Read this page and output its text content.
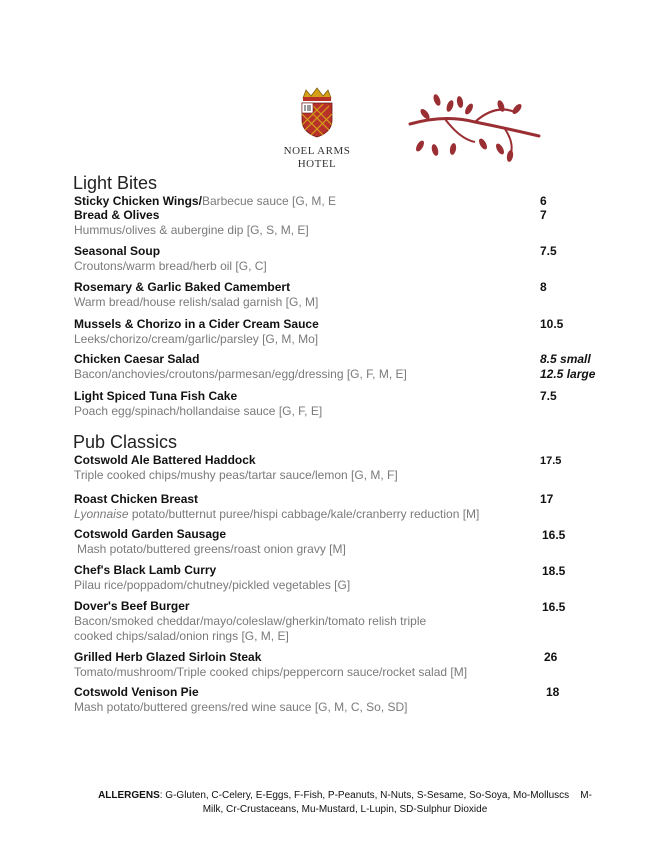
NOEL ARMS
HOTEL
Light Bites
Sticky Chicken Wings/Barbecue sauce [G, M, E	6
Bread & Olives	7
Hummus/olives & aubergine dip [G, S, M, E]
Seasonal Soup	7.5
Croutons/warm bread/herb oil [G, C]
Rosemary & Garlic Baked Camembert	8
Warm bread/house relish/salad garnish [G, M]
Mussels & Chorizo in a Cider Cream Sauce	10.5
Leeks/chorizo/cream/garlic/parsley [G, M, Mo]
Chicken Caesar Salad	8.5 small
Bacon/anchovies/croutons/parmesan/egg/dressing [G, F, M, E]	12.5 large
Light Spiced Tuna Fish Cake	7.5
Poach egg/spinach/hollandaise sauce [G, F, E]
Pub Classics
Cotswold Ale Battered Haddock	17.5
Triple cooked chips/mushy peas/tartar sauce/lemon [G, M, F]
Roast Chicken Breast	17
Lyonnaise potato/butternut puree/hispi cabbage/kale/cranberry reduction [M]
Cotswold Garden Sausage	16.5
Mash potato/buttered greens/roast onion gravy [M]
Chef's Black Lamb Curry	18.5
Pilau rice/poppadom/chutney/pickled vegetables [G]
Dover's Beef Burger	16.5
Bacon/smoked cheddar/mayo/coleslaw/gherkin/tomato relish triple
cooked chips/salad/onion rings [G, M, E]
Grilled Herb Glazed Sirloin Steak	26
Tomato/mushroom/Triple cooked chips/peppercorn sauce/rocket salad [M]
Cotswold Venison Pie	18
Mash potato/buttered greens/red wine sauce [G, M, C, So, SD]
ALLERGENS: G-Gluten, C-Celery, E-Eggs, F-Fish, P-Peanuts, N-Nuts, S-Sesame, So-Soya, Mo-Molluscs    M-
Milk, Cr-Crustaceans, Mu-Mustard, L-Lupin, SD-Sulphur Dioxide
